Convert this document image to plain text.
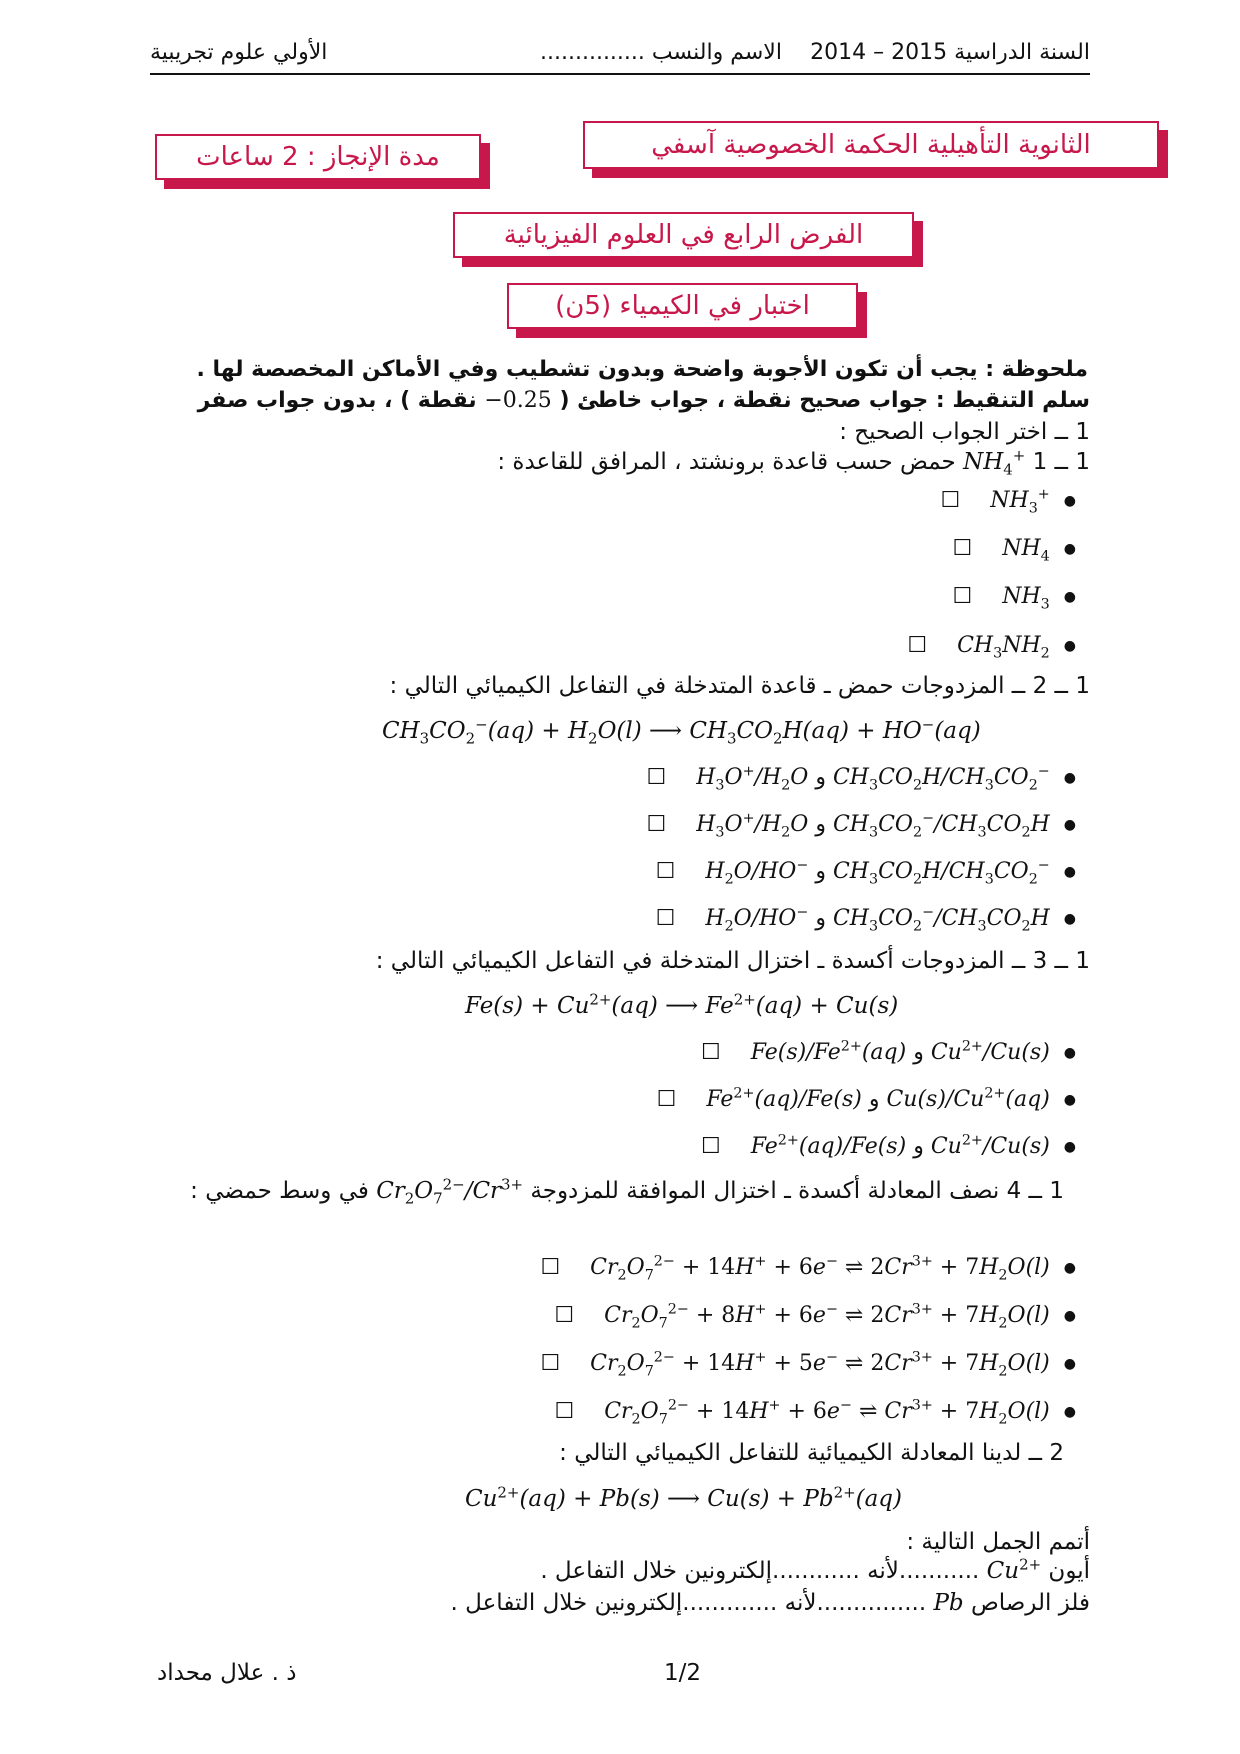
السنة الدراسية 2015 – 2014
الاسم والنسب ...............
الأولي علوم تجريبية
الثانوية التأهيلية الحكمة الخصوصية آسفي
مدة الإنجاز : 2 ساعات
الفرض الرابع في العلوم الفيزيائية
اختبار في الكيمياء (5ن)
ملحوظة : يجب أن تكون الأجوبة واضحة وبدون تشطيب وفي الأماكن المخصصة لها .
سلم التنقيط : جواب صحيح نقطة ، جواب خاطئ ( −0.25 نقطة ) ، بدون جواب صفر
1 ــ اختر الجواب الصحيح :
1 ــ 1 $NH_4^+$ حمض حسب قاعدة برونشتد ، المرافق للقاعدة :
☐ $NH_3^+$ ●
☐ $NH_4$ ●
☐ $NH_3$ ●
☐ $CH_3NH_2$ ●
1 ــ 2 ــ المزدوجات حمض ـ قاعدة المتدخلة في التفاعل الكيميائي التالي :
$CH_3CO_2^-(aq) + H_2O(l)$ ⟶ $CH_3CO_2H(aq) + HO^-(aq)$
☐ $H_3O^+/H_2O$ و $CH_3CO_2H/CH_3CO_2^-$ ●
☐ $H_3O^+/H_2O$ و $CH_3CO_2^-/CH_3CO_2H$ ●
☐ $H_2O/HO^-$ و $CH_3CO_2H/CH_3CO_2^-$ ●
☐ $H_2O/HO^-$ و $CH_3CO_2^-/CH_3CO_2H$ ●
1 ــ 3 ــ المزدوجات أكسدة ـ اختزال المتدخلة في التفاعل الكيميائي التالي :
$Fe(s) + Cu^{2+}(aq)$ ⟶ $Fe^{2+}(aq) + Cu(s)$
☐ $Fe(s)/Fe^{2+}(aq)$ و $Cu^{2+}/Cu(s)$ ●
☐ $Fe^{2+}(aq)/Fe(s)$ و $Cu(s)/Cu^{2+}(aq)$ ●
☐ $Fe^{2+}(aq)/Fe(s)$ و $Cu^{2+}/Cu(s)$ ●
1 ــ 4 نصف المعادلة أكسدة ـ اختزال الموافقة للمزدوجة $Cr_2O_7^{2-}/Cr^{3+}$ في وسط حمضي :
☐ $Cr_2O_7^{2-} + 14H^+ + 6e^-$ ⇌ $2Cr^{3+} + 7H_2O(l)$ ●
☐ $Cr_2O_7^{2-} + 8H^+ + 6e^-$ ⇌ $2Cr^{3+} + 7H_2O(l)$ ●
☐ $Cr_2O_7^{2-} + 14H^+ + 5e^-$ ⇌ $2Cr^{3+} + 7H_2O(l)$ ●
☐ $Cr_2O_7^{2-} + 14H^+ + 6e^-$ ⇌ $Cr^{3+} + 7H_2O(l)$ ●
2 ــ لدينا المعادلة الكيميائية للتفاعل الكيميائي التالي :
$Cu^{2+}(aq) + Pb(s)$ ⟶ $Cu(s) + Pb^{2+}(aq)$
أتمم الجمل التالية :
أيون $Cu^{2+}$ ...........لأنه ............إلكترونين خلال التفاعل .
فلز الرصاص Pb ...............لأنه .............إلكترونين خلال التفاعل .
ذ . علال محداد	1/2
